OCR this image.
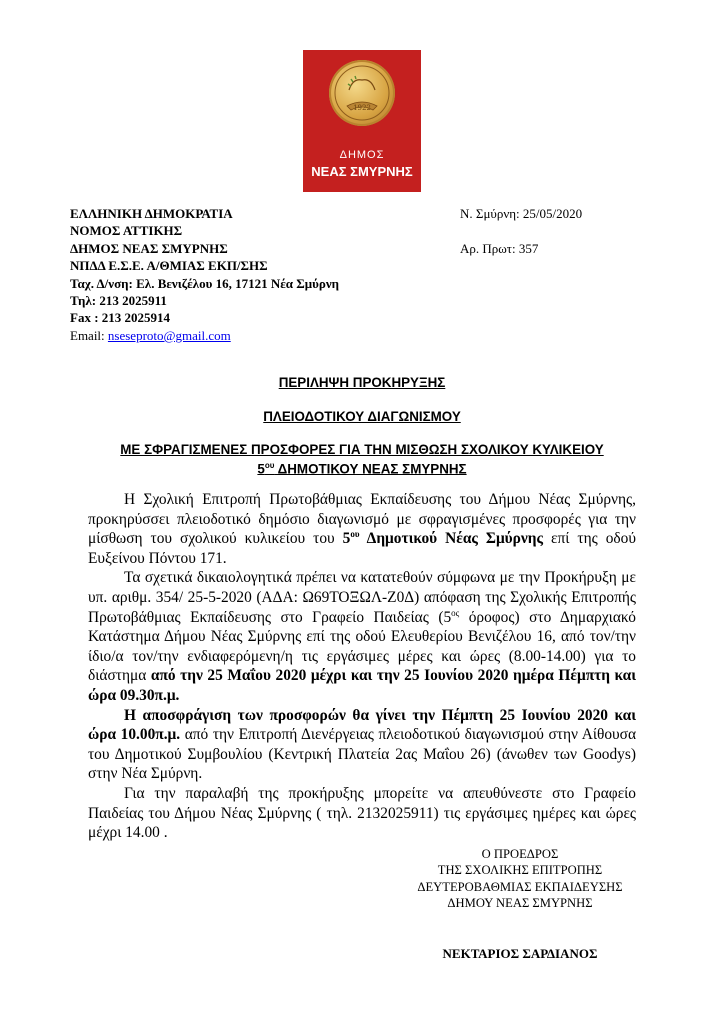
1922
ΔΗΜΟΣ
ΝΕΑΣ ΣΜΥΡΝΗΣ
ΕΛΛΗΝΙΚΗ ΔΗΜΟΚΡΑΤΙΑ
ΝΟΜΟΣ ΑΤΤΙΚΗΣ
ΔΗΜΟΣ ΝΕΑΣ ΣΜΥΡΝΗΣ
ΝΠΔΔ Ε.Σ.Ε. Α/ΘΜΙΑΣ ΕΚΠ/ΣΗΣ
Ταχ. Δ/νση: Ελ. Βενιζέλου 16, 17121 Νέα Σμύρνη
Τηλ: 213 2025911
Fax : 213 2025914
Email: nseseproto@gmail.com
Ν. Σμύρνη: 25/05/2020
Αρ. Πρωτ: 357
ΠΕΡΙΛΗΨΗ ΠΡΟΚΗΡΥΞΗΣ
ΠΛΕΙΟΔΟΤΙΚΟΥ ΔΙΑΓΩΝΙΣΜΟΥ
ΜΕ ΣΦΡΑΓΙΣΜΕΝΕΣ ΠΡΟΣΦΟΡΕΣ ΓΙΑ ΤΗΝ ΜΙΣΘΩΣΗ ΣΧΟΛΙΚΟΥ ΚΥΛΙΚΕΙΟΥ
$5^{o\upsilon}$ ΔΗΜΟΤΙΚΟΥ ΝΕΑΣ ΣΜΥΡΝΗΣ

Η Σχολική Επιτροπή Πρωτοβάθμιας Εκπαίδευσης του Δήμου Νέας Σμύρνης, προκηρύσσει πλειοδοτικό δημόσιο διαγωνισμό με σφραγισμένες προσφορές για την μίσθωση του σχολικού κυλικείου του $5^{o\upsilon}$ Δημοτικού Νέας Σμύρνης επί της οδού Ευξείνου Πόντου 171.

Τα σχετικά δικαιολογητικά πρέπει να κατατεθούν σύμφωνα με την Προκήρυξη με υπ. αριθμ. 354/ 25-5-2020 (ΑΔΑ: Ω69ΤΟΞΩΛ-Ζ0Δ) απόφαση της Σχολικής Επιτροπής Πρωτοβάθμιας Εκπαίδευσης στο Γραφείο Παιδείας ($5^{o\varsigma}$ όροφος) στο Δημαρχιακό Κατάστημα Δήμου Νέας Σμύρνης επί της οδού Ελευθερίου Βενιζέλου 16, από τον/την ίδιο/α τον/την ενδιαφερόμενη/η τις εργάσιμες μέρες και ώρες (8.00-14.00) για το διάστημα από την 25 Μαΐου 2020 μέχρι και την 25 Ιουνίου 2020 ημέρα Πέμπτη και ώρα 09.30π.μ.

Η αποσφράγιση των προσφορών θα γίνει την Πέμπτη 25 Ιουνίου 2020 και ώρα 10.00π.μ. από την Επιτροπή Διενέργειας πλειοδοτικού διαγωνισμού στην Αίθουσα του Δημοτικού Συμβουλίου (Κεντρική Πλατεία 2ας Μαΐου 26) (άνωθεν των Goodys) στην Νέα Σμύρνη.

Για την παραλαβή της προκήρυξης μπορείτε να απευθύνεστε στο Γραφείο Παιδείας του Δήμου Νέας Σμύρνης ( τηλ. 2132025911) τις εργάσιμες ημέρες και ώρες μέχρι 14.00 .

Ο ΠΡΟΕΔΡΟΣ
ΤΗΣ ΣΧΟΛΙΚΗΣ ΕΠΙΤΡΟΠΗΣ
ΔΕΥΤΕΡΟΒΑΘΜΙΑΣ ΕΚΠΑΙΔΕΥΣΗΣ
ΔΗΜΟΥ ΝΕΑΣ ΣΜΥΡΝΗΣ
ΝΕΚΤΑΡΙΟΣ ΣΑΡΔΙΑΝΟΣ
